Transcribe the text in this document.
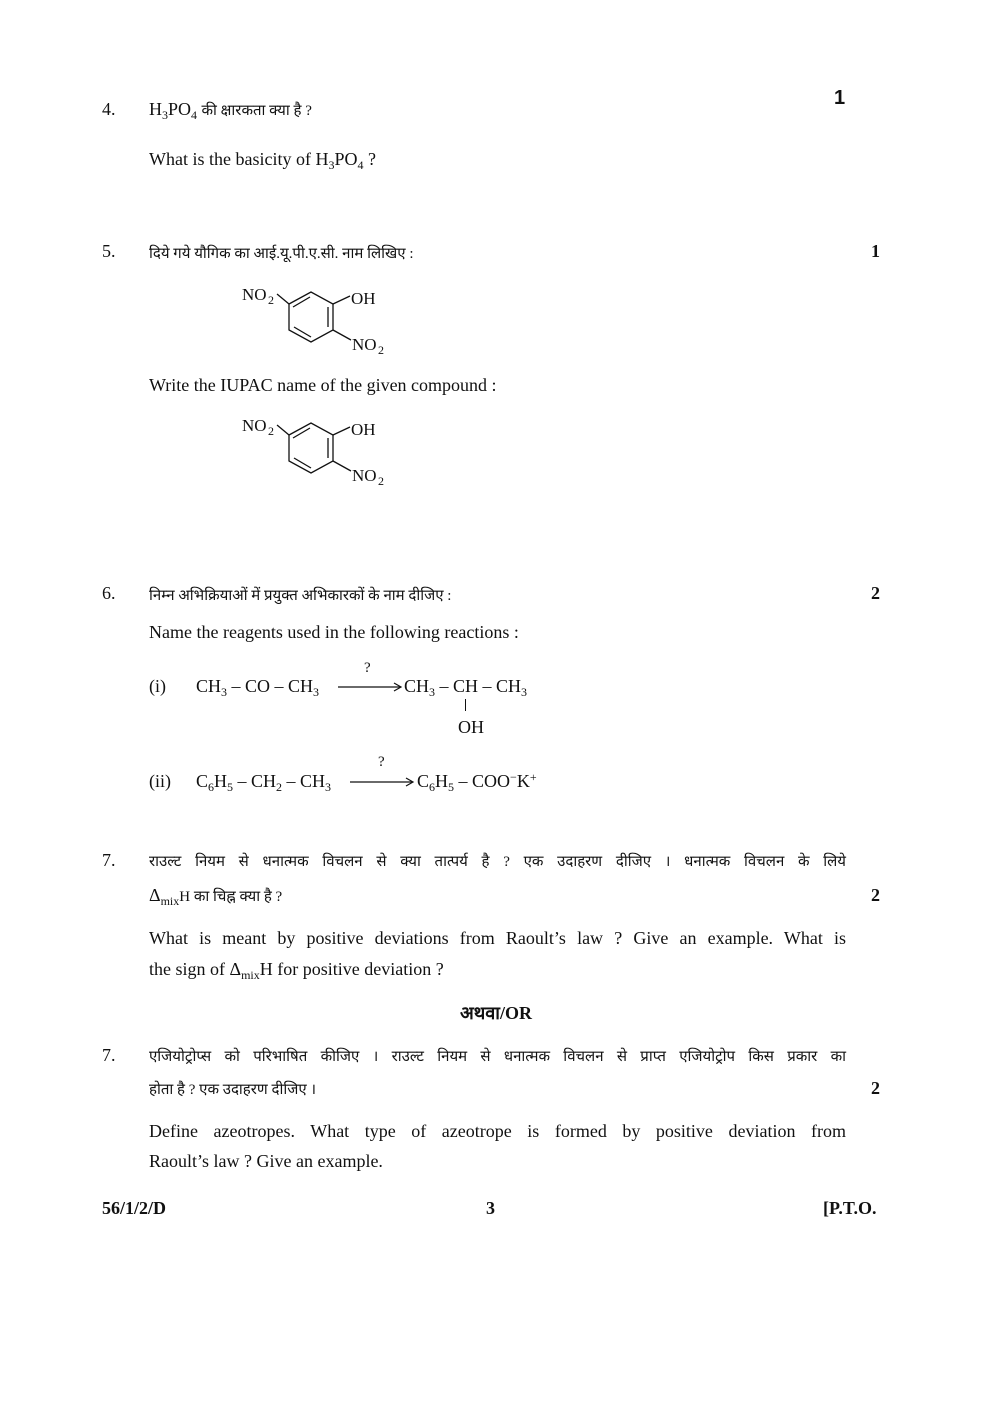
4.	1
$H_3PO_4$ की क्षारकता क्या है ?
What is the basicity of $H_3PO_4$ ?
5.	1
दिये गये यौगिक का आई.यू.पी.ए.सी. नाम लिखिए :
NO 2	OH
NO 2
Write the IUPAC name of the given compound :
NO 2	OH
NO 2
6.	2
निम्न अभिक्रियाओं में प्रयुक्त अभिकारकों के नाम दीजिए :
Name the reagents used in the following reactions :
(i) $CH_3$ – CO – $CH_3$
?
$CH_3$ – CH – $CH_3$
OH
(ii) $C_6H_5 - CH_2 - CH_3$
?
$C_6H_5 - COO^-K^+$
7. राउल्ट नियम से धनात्मक विचलन से क्या तात्पर्य है ? एक उदाहरण दीजिए । धनात्मक विचलन के लिये
$\Delta_{mix}H$ का चिह्न क्या है ?	2
What is meant by positive deviations from Raoult’s law ? Give an example. What is
the sign of $\Delta_{mix}H$ for positive deviation ?
अथवा/OR
7. एजियोट्रोप्स को परिभाषित कीजिए । राउल्ट नियम से धनात्मक विचलन से प्राप्त एजियोट्रोप किस प्रकार का
होता है ? एक उदाहरण दीजिए ।	2
Define azeotropes. What type of azeotrope is formed by positive deviation from
Raoult’s law ? Give an example.
56/1/2/D	3	[P.T.O.
